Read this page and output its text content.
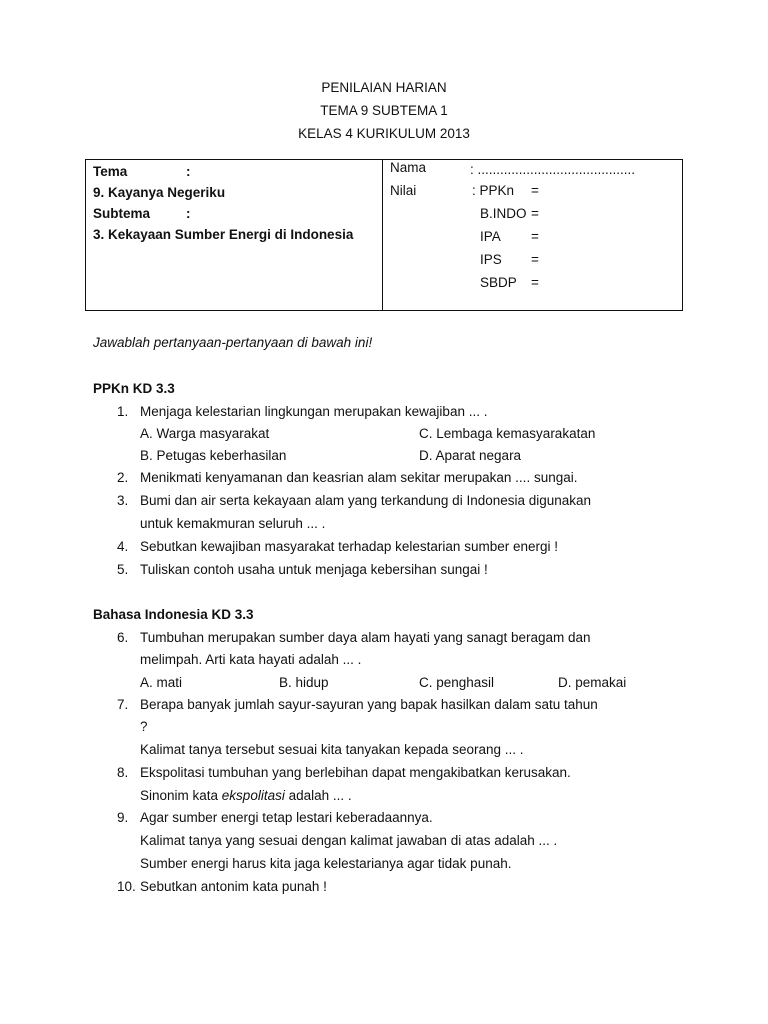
PENILAIAN HARIAN
TEMA 9 SUBTEMA 1
KELAS 4 KURIKULUM 2013
Tema	:
9. Kayanya Negeriku
Subtema	:
3. Kekayaan Sumber Energi di Indonesia
Nama	: ..........................................
Nilai	: PPKn =
B.INDO =
IPA =
IPS =
SBDP =
Jawablah pertanyaan-pertanyaan di bawah ini!
PPKn KD 3.3
1. Menjaga kelestarian lingkungan merupakan kewajiban ... .
A. Warga masyarakat	C. Lembaga kemasyarakatan
B. Petugas keberhasilan	D. Aparat negara
2. Menikmati kenyamanan dan keasrian alam sekitar merupakan .... sungai.
3. Bumi dan air serta kekayaan alam yang terkandung di Indonesia digunakan
untuk kemakmuran seluruh ... .
4. Sebutkan kewajiban masyarakat terhadap kelestarian sumber energi !
5. Tuliskan contoh usaha untuk menjaga kebersihan sungai !
Bahasa Indonesia KD 3.3
6. Tumbuhan merupakan sumber daya alam hayati yang sanagt beragam dan
melimpah. Arti kata hayati adalah ... .
A. mati	B. hidup	C. penghasil	D. pemakai
7. Berapa banyak jumlah sayur-sayuran yang bapak hasilkan dalam satu tahun
?
Kalimat tanya tersebut sesuai kita tanyakan kepada seorang ... .
8. Ekspolitasi tumbuhan yang berlebihan dapat mengakibatkan kerusakan.
Sinonim kata ekspolitasi adalah ... .
9. Agar sumber energi tetap lestari keberadaannya.
Kalimat tanya yang sesuai dengan kalimat jawaban di atas adalah ... .
Sumber energi harus kita jaga kelestarianya agar tidak punah.
10. Sebutkan antonim kata punah !
